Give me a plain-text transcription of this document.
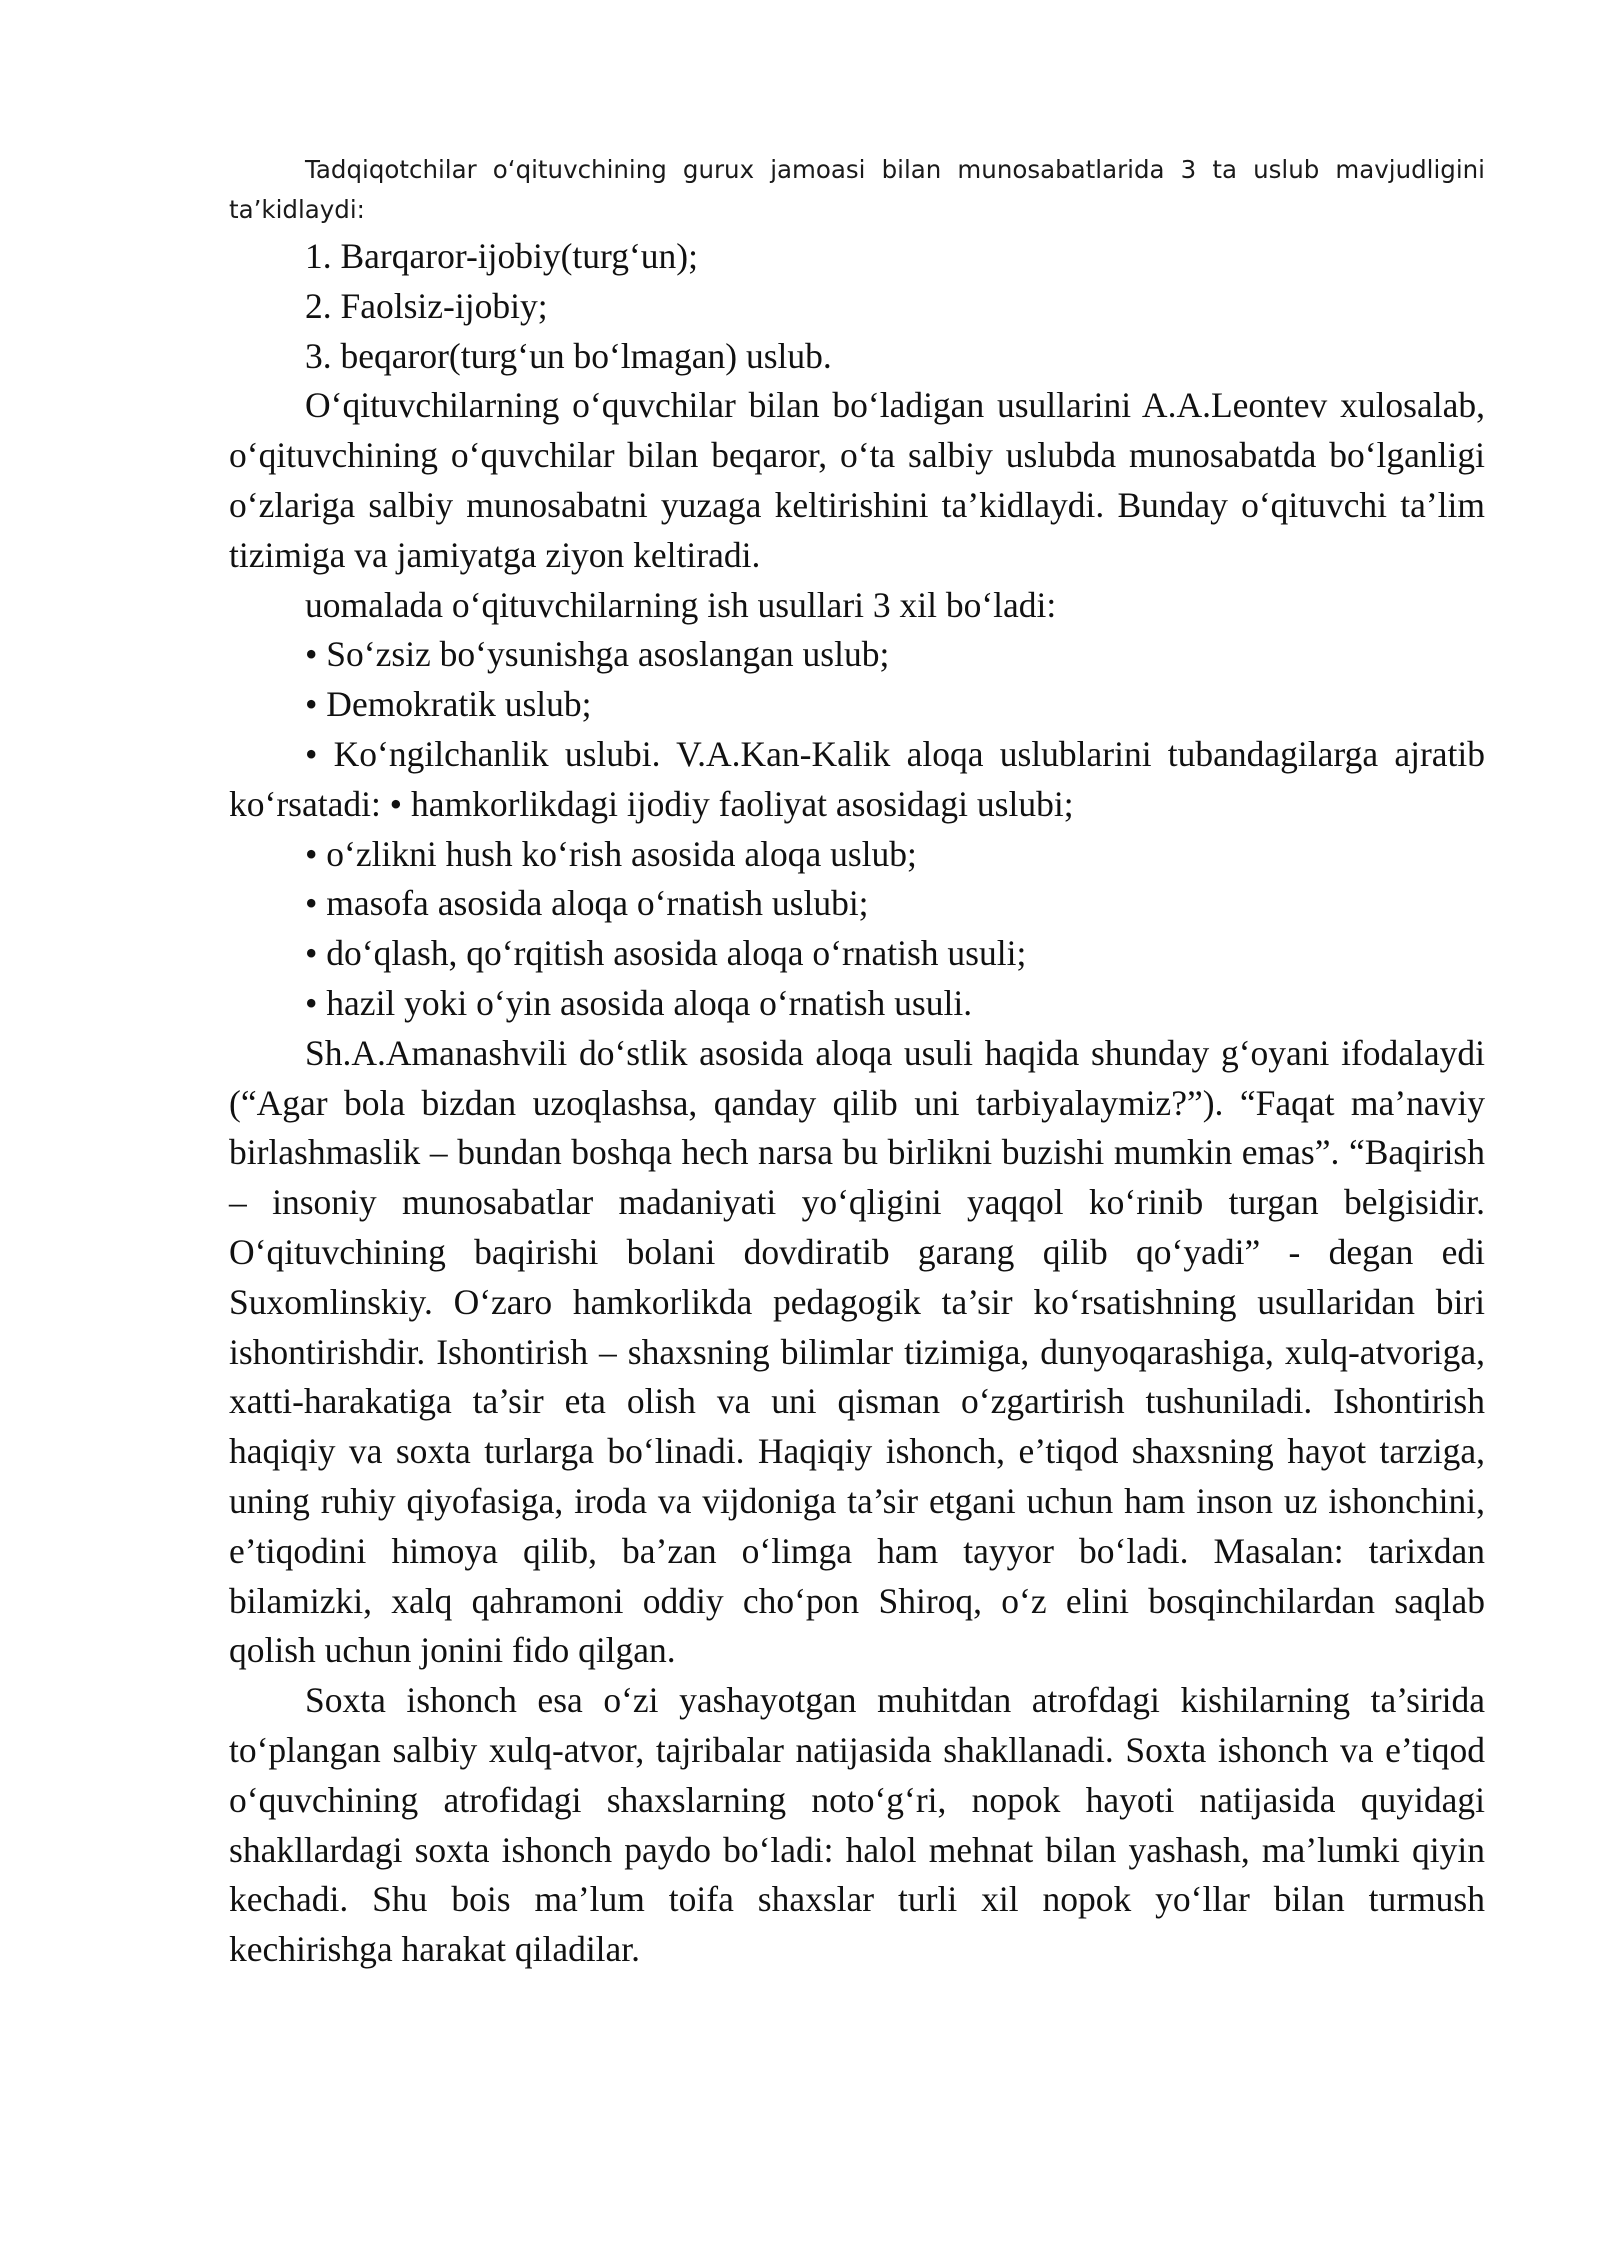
Tadqiqotchilar o‘qituvchining gurux jamoasi bilan munosabatlarida 3 ta uslub mavjudligini ta’kidlaydi:

1. Barqaror-ijobiy(turg‘un);

2. Faolsiz-ijobiy;

3. beqaror(turg‘un bo‘lmagan) uslub.

O‘qituvchilarning o‘quvchilar bilan bo‘ladigan usullarini A.A.Leontev xulosalab, o‘qituvchining o‘quvchilar bilan beqaror, o‘ta salbiy uslubda munosabatda bo‘lganligi o‘zlariga salbiy munosabatni yuzaga keltirishini ta’kidlaydi. Bunday o‘qituvchi ta’lim tizimiga va jamiyatga ziyon keltiradi.

uomalada o‘qituvchilarning ish usullari 3 xil bo‘ladi:

• So‘zsiz bo‘ysunishga asoslangan uslub;

• Demokratik uslub;

• Ko‘ngilchanlik uslubi. V.A.Kan-Kalik aloqa uslublarini tubandagilarga ajratib ko‘rsatadi: • hamkorlikdagi ijodiy faoliyat asosidagi uslubi;

• o‘zlikni hush ko‘rish asosida aloqa uslub;

• masofa asosida aloqa o‘rnatish uslubi;

• do‘qlash, qo‘rqitish asosida aloqa o‘rnatish usuli;

• hazil yoki o‘yin asosida aloqa o‘rnatish usuli.

Sh.A.Amanashvili do‘stlik asosida aloqa usuli haqida shunday g‘oyani ifodalaydi (“Agar bola bizdan uzoqlashsa, qanday qilib uni tarbiyalaymiz?”). “Faqat ma’naviy birlashmaslik – bundan boshqa hech narsa bu birlikni buzishi mumkin emas”. “Baqirish – insoniy munosabatlar madaniyati yo‘qligini yaqqol ko‘rinib turgan belgisidir. O‘qituvchining baqirishi bolani dovdiratib garang qilib qo‘yadi” - degan edi Suxomlinskiy. O‘zaro hamkorlikda pedagogik ta’sir ko‘rsatishning usullaridan biri ishontirishdir. Ishontirish – shaxsning bilimlar tizimiga, dunyoqarashiga, xulq-atvoriga, xatti-harakatiga ta’sir eta olish va uni qisman o‘zgartirish tushuniladi. Ishontirish haqiqiy va soxta turlarga bo‘linadi. Haqiqiy ishonch, e’tiqod shaxsning hayot tarziga, uning ruhiy qiyofasiga, iroda va vijdoniga ta’sir etgani uchun ham inson uz ishonchini, e’tiqodini himoya qilib, ba’zan o‘limga ham tayyor bo‘ladi. Masalan: tarixdan bilamizki, xalq qahramoni oddiy cho‘pon Shiroq, o‘z elini bosqinchilardan saqlab qolish uchun jonini fido qilgan.

Soxta ishonch esa o‘zi yashayotgan muhitdan atrofdagi kishilarning ta’sirida to‘plangan salbiy xulq-atvor, tajribalar natijasida shakllanadi. Soxta ishonch va e’tiqod o‘quvchining atrofidagi shaxslarning noto‘g‘ri, nopok hayoti natijasida quyidagi shakllardagi soxta ishonch paydo bo‘ladi: halol mehnat bilan yashash, ma’lumki qiyin kechadi. Shu bois ma’lum toifa shaxslar turli xil nopok yo‘llar bilan turmush kechirishga harakat qiladilar.
